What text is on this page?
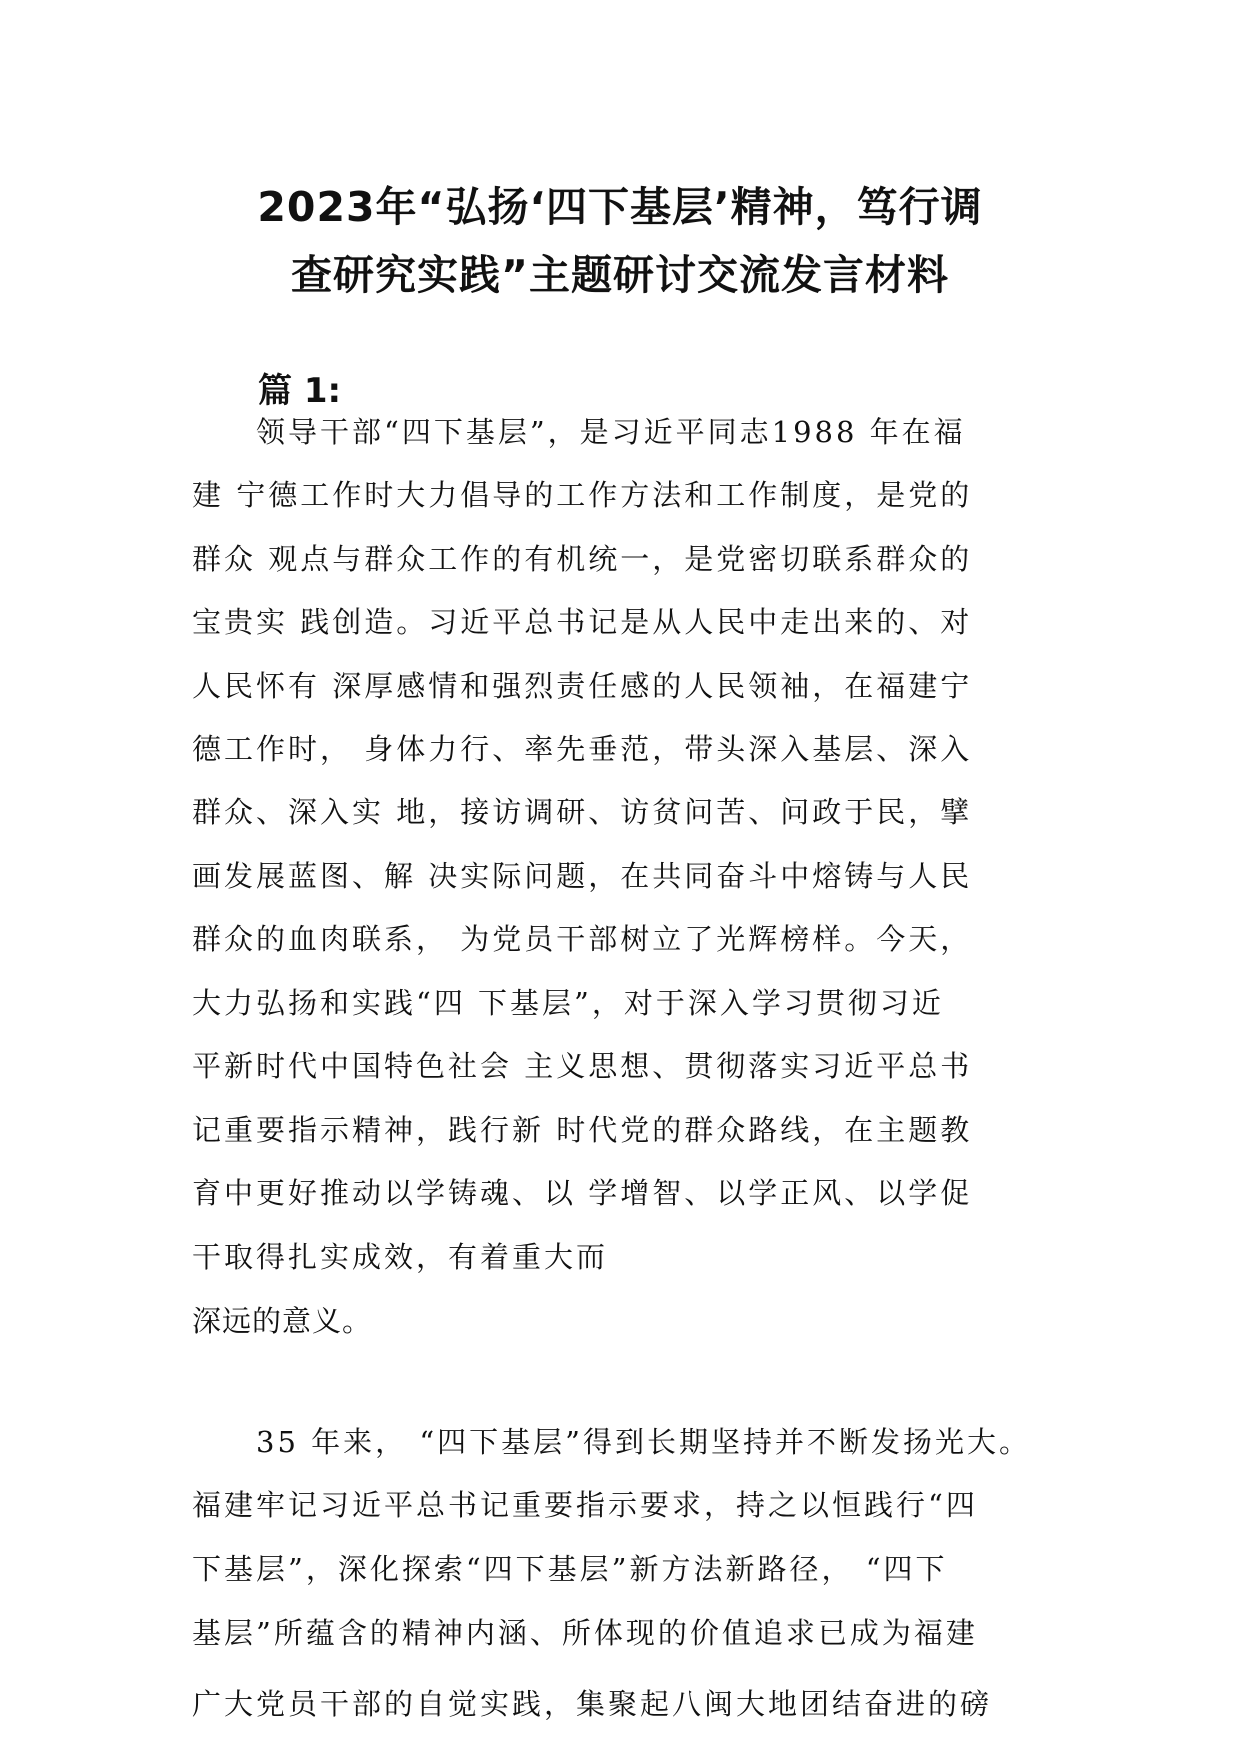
2023年“弘扬‘四下基层’精神，笃行调
查研究实践”主题研讨交流发言材料
篇 1:
领导干部“四下基层”，是习近平同志1988 年在福
建 宁德工作时大力倡导的工作方法和工作制度，是党的
群众 观点与群众工作的有机统一，是党密切联系群众的
宝贵实 践创造。习近平总书记是从人民中走出来的、对
人民怀有 深厚感情和强烈责任感的人民领袖，在福建宁
德工作时， 身体力行、率先垂范，带头深入基层、深入
群众、深入实 地，接访调研、访贫问苦、问政于民，擘
画发展蓝图、解 决实际问题，在共同奋斗中熔铸与人民
群众的血肉联系， 为党员干部树立了光辉榜样。今天，
大力弘扬和实践“四 下基层”，对于深入学习贯彻习近
平新时代中国特色社会 主义思想、贯彻落实习近平总书
记重要指示精神，践行新 时代党的群众路线，在主题教
育中更好推动以学铸魂、以 学增智、以学正风、以学促
干取得扎实成效，有着重大而
深远的意义。
35 年来， “四下基层”得到长期坚持并不断发扬光大。
福建牢记习近平总书记重要指示要求，持之以恒践行“四
下基层”，深化探索“四下基层”新方法新路径， “四下
基层”所蕴含的精神内涵、所体现的价值追求已成为福建
广大党员干部的自觉实践，集聚起八闽大地团结奋进的磅
